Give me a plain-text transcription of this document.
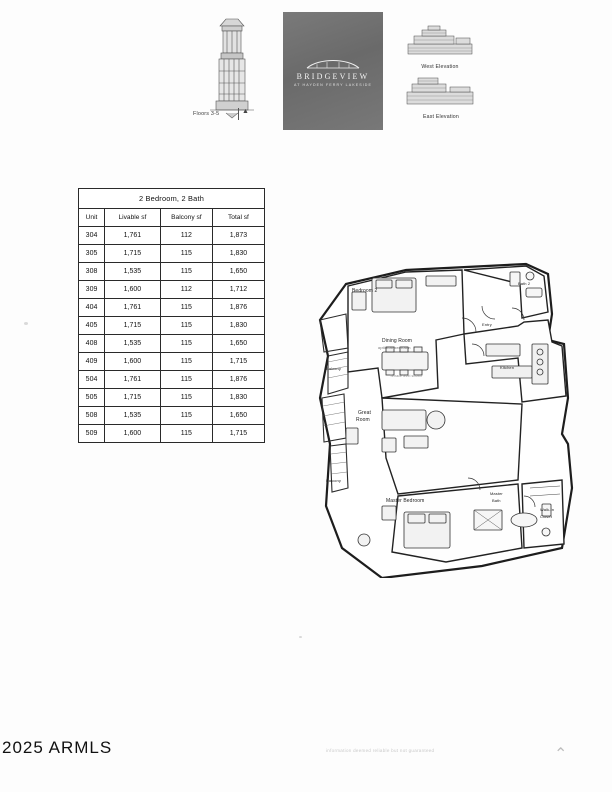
Floors 3-5	▲
BRIDGEVIEW
AT HAYDEN FERRY LAKESIDE
West Elevation
East Elevation
2 Bedroom, 2 Bath			
Unit	Livable sf	Balcony sf	Total sf
304	1,761	112	1,873
305	1,715	115	1,830
308	1,535	115	1,650
309	1,600	112	1,712
404	1,761	115	1,876
405	1,715	115	1,830
408	1,535	115	1,650
409	1,600	115	1,715
504	1,761	115	1,876
505	1,715	115	1,830
508	1,535	115	1,650
509	1,600	115	1,715
Bedroom 2
Bath 2
Entry
Dining Room
optional bedroom
Kitchen
Balcony
Great
Room
Balcony
Master Bedroom
Master
Bath
Walk-In
Closet
Terrace level shown
2025 ARMLS	information deemed reliable but not guaranteed	⌃
